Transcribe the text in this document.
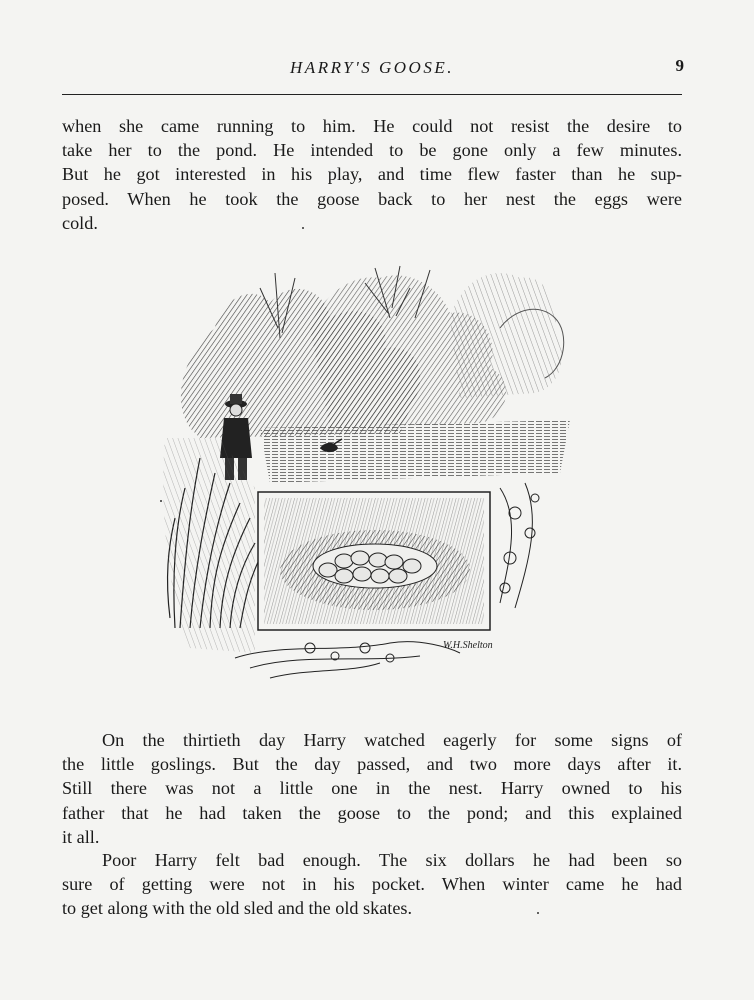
HARRY'S GOOSE.	9
when she came running to him. He could not resist the desire to
take her to the pond. He intended to be gone only a few minutes.
But he got interested in his play, and time flew faster than he sup-
posed. When he took the goose back to her nest the eggs were
cold.
W.H.Shelton
On the thirtieth day Harry watched eagerly for some signs of
the little goslings. But the day passed, and two more days after it.
Still there was not a little one in the nest. Harry owned to his
father that he had taken the goose to the pond; and this explained
it all.
Poor Harry felt bad enough. The six dollars he had been so
sure of getting were not in his pocket. When winter came he had
to get along with the old sled and the old skates.
